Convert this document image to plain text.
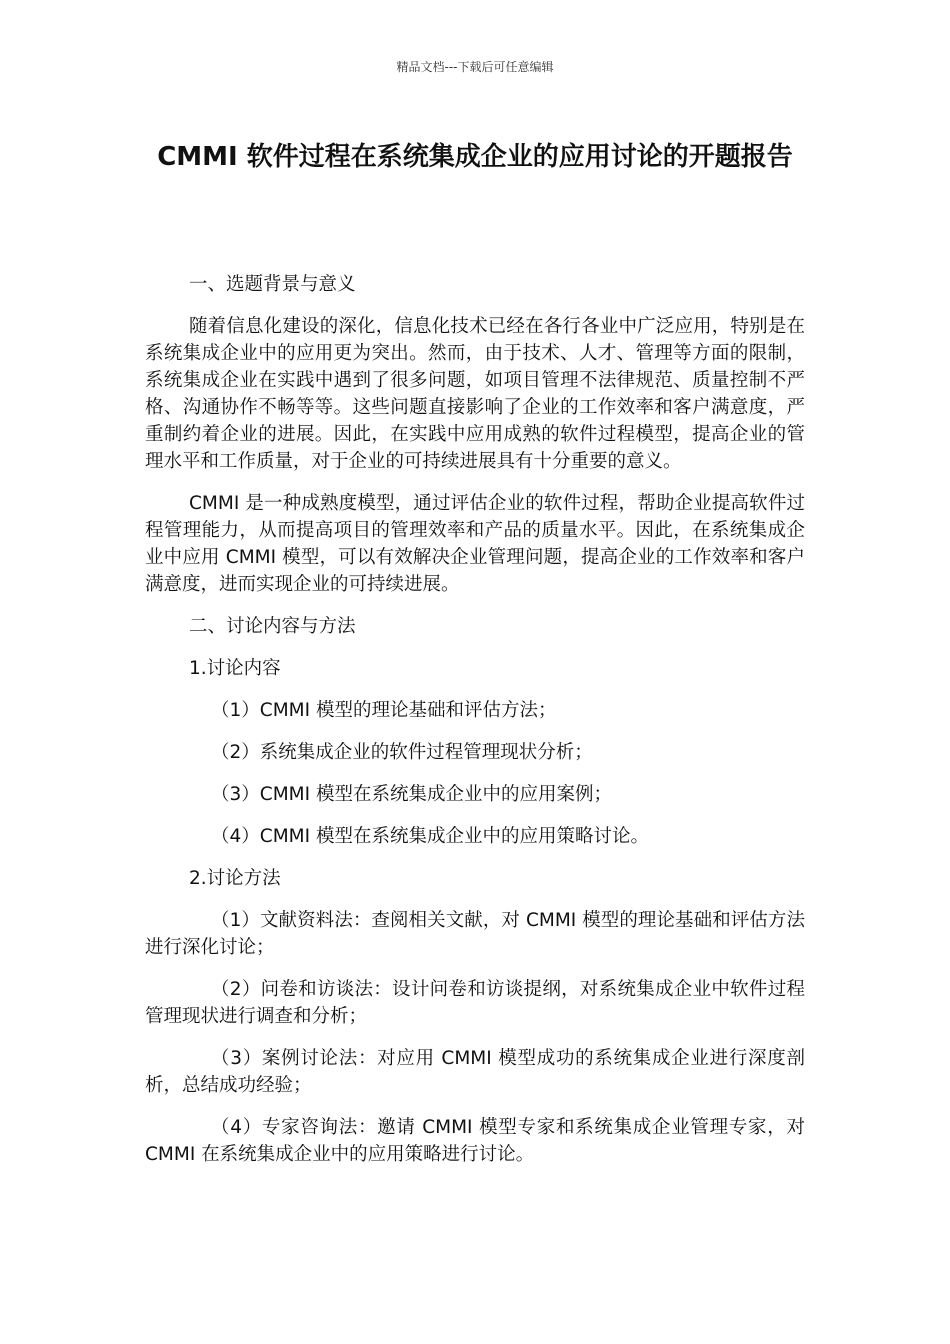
精品文档---下载后可任意编辑
CMMI 软件过程在系统集成企业的应用讨论的开题报告

一、选题背景与意义

随着信息化建设的深化，信息化技术已经在各行各业中广泛应用，特别是在系统集成企业中的应用更为突出。然而，由于技术、人才、管理等方面的限制，系统集成企业在实践中遇到了很多问题，如项目管理不法律规范、质量控制不严格、沟通协作不畅等等。这些问题直接影响了企业的工作效率和客户满意度，严重制约着企业的进展。因此，在实践中应用成熟的软件过程模型，提高企业的管理水平和工作质量，对于企业的可持续进展具有十分重要的意义。

CMMI 是一种成熟度模型，通过评估企业的软件过程，帮助企业提高软件过程管理能力，从而提高项目的管理效率和产品的质量水平。因此，在系统集成企业中应用 CMMI 模型，可以有效解决企业管理问题，提高企业的工作效率和客户满意度，进而实现企业的可持续进展。

二、讨论内容与方法

1.讨论内容

（1）CMMI 模型的理论基础和评估方法；

（2）系统集成企业的软件过程管理现状分析；

（3）CMMI 模型在系统集成企业中的应用案例；

（4）CMMI 模型在系统集成企业中的应用策略讨论。

2.讨论方法

（1）文献资料法：查阅相关文献，对 CMMI 模型的理论基础和评估方法进行深化讨论；

（2）问卷和访谈法：设计问卷和访谈提纲，对系统集成企业中软件过程管理现状进行调查和分析；

（3）案例讨论法：对应用 CMMI 模型成功的系统集成企业进行深度剖析，总结成功经验；

（4）专家咨询法：邀请 CMMI 模型专家和系统集成企业管理专家，对 CMMI 在系统集成企业中的应用策略进行讨论。
